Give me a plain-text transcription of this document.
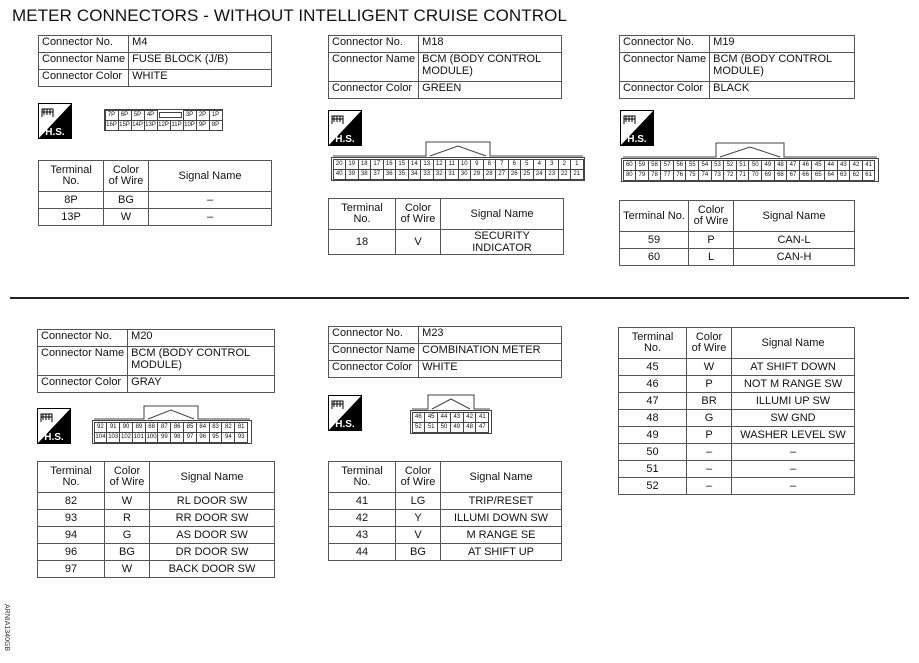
METER CONNECTORS - WITHOUT INTELLIGENT CRUISE CONTROL
ARNIA1340GB
Connector No.	M4
Connector Name	FUSE BLOCK (J/B)
Connector Color	WHITE
H.S.
7P 6P 5P 4P	3P 2P 1P
16P 15P 14P 13P 12P 11P 10P 9P 8P
Terminal No.	Color of Wire	Signal Name
8P	BG	–
13P	W	–
Connector No.	M18
Connector Name	BCM (BODY CONTROL MODULE)
Connector Color	GREEN
H.S.
20 19 18 17 16 15 14 13 12	11	10	9	8	7	6	5	4	3	2	1
40 39 38 37 36 35 34 33 32 31 30 29 28 27 26 25 24 23 22 21
Terminal No.	Color of Wire	Signal Name
18	V	SECURITY INDICATOR
Connector No.	M19
Connector Name	BCM (BODY CONTROL MODULE)
Connector Color	BLACK
H.S.
60 59 58 57 56 55 54 53 52 51 50 49 48 47 46 45 44 43 42 41
80 79 78 77 76 75 74 73 72 71 70 69 68 67 66 65 64 63 62 61
Terminal No.	Color of Wire	Signal Name
59	P	CAN-L
60	L	CAN-H
Connector No.	M20
Connector Name	BCM (BODY CONTROL MODULE)
Connector Color	GRAY
H.S.
92	91	90	89	88	87	86	85	84	83	82	81
104 103 102 101 100 99	98	97	96	95	94	93
Terminal No.	Color of Wire	Signal Name
82	W	RL DOOR SW
93	R	RR DOOR SW
94	G	AS DOOR SW
96	BG	DR DOOR SW
97	W	BACK DOOR SW
Connector No.	M23
Connector Name	COMBINATION METER
Connector Color	WHITE
H.S.
46	45	44	43	42	41
52	51	50	49	48	47
Terminal No.	Color of Wire	Signal Name
41	LG	TRIP/RESET
42	Y	ILLUMI DOWN SW
43	V	M RANGE SE
44	BG	AT SHIFT UP
Terminal No.	Color of Wire	Signal Name
45	W	AT SHIFT DOWN
46	P	NOT M RANGE SW
47	BR	ILLUMI UP SW
48	G	SW GND
49	P	WASHER LEVEL SW
50	–	–
51	–	–
52	–	–
